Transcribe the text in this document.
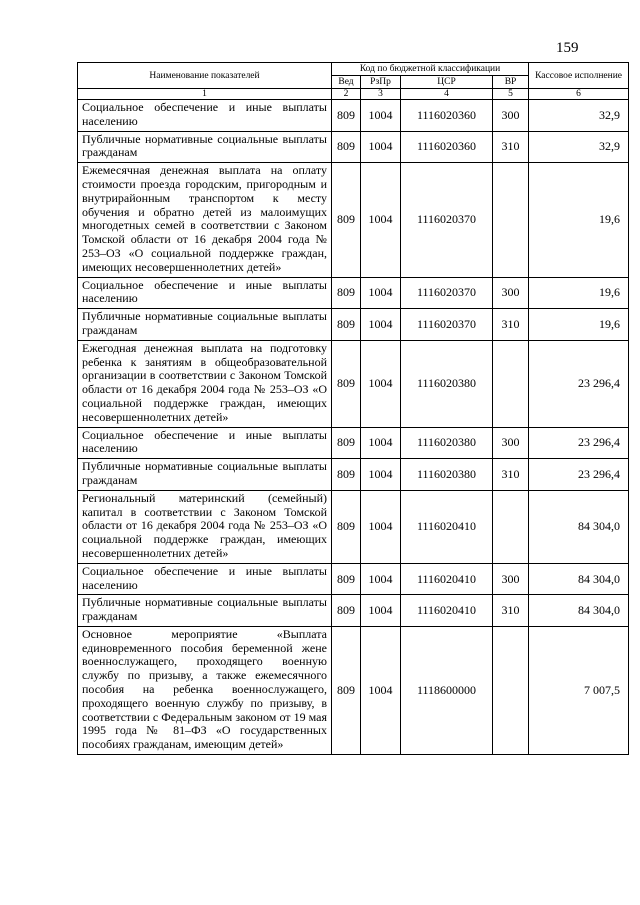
159
Наименование показателей	Код по бюджетной классификации				Кассовое исполнение
	Вед	РзПр	ЦСР	ВР	
1	2	3	4	5	6
Социальное обеспечение и иные выплаты населению	809	1004	1116020360	300	32,9
Публичные нормативные социальные выплаты гражданам	809	1004	1116020360	310	32,9
Ежемесячная денежная выплата на оплату стоимости проезда городским, пригородным и внутрирайонным транспортом к месту обучения и обратно детей из малоимущих многодетных семей в соответствии с Законом Томской области от 16 декабря 2004 года № 253–ОЗ «О социальной поддержке граждан, имеющих несовершеннолетних детей»	809	1004	1116020370		19,6
Социальное обеспечение и иные выплаты населению	809	1004	1116020370	300	19,6
Публичные нормативные социальные выплаты гражданам	809	1004	1116020370	310	19,6
Ежегодная денежная выплата на подготовку ребенка к занятиям в общеобразовательной организации в соответствии с Законом Томской области от 16 декабря 2004 года № 253–ОЗ «О социальной поддержке граждан, имеющих несовершеннолетних детей»	809	1004	1116020380		23 296,4
Социальное обеспечение и иные выплаты населению	809	1004	1116020380	300	23 296,4
Публичные нормативные социальные выплаты гражданам	809	1004	1116020380	310	23 296,4
Региональный материнский (семейный) капитал в соответствии с Законом Томской области от 16 декабря 2004 года № 253–ОЗ «О социальной поддержке граждан, имеющих несовершеннолетних детей»	809	1004	1116020410		84 304,0
Социальное обеспечение и иные выплаты населению	809	1004	1116020410	300	84 304,0
Публичные нормативные социальные выплаты гражданам	809	1004	1116020410	310	84 304,0
Основное мероприятие «Выплата единовременного пособия беременной жене военнослужащего, проходящего военную службу по призыву, а также ежемесячного пособия на ребенка военнослужащего, проходящего военную службу по призыву, в соответствии с Федеральным законом от 19 мая 1995 года № 81–ФЗ «О государственных пособиях гражданам, имеющим детей»	809	1004	1118600000		7 007,5
